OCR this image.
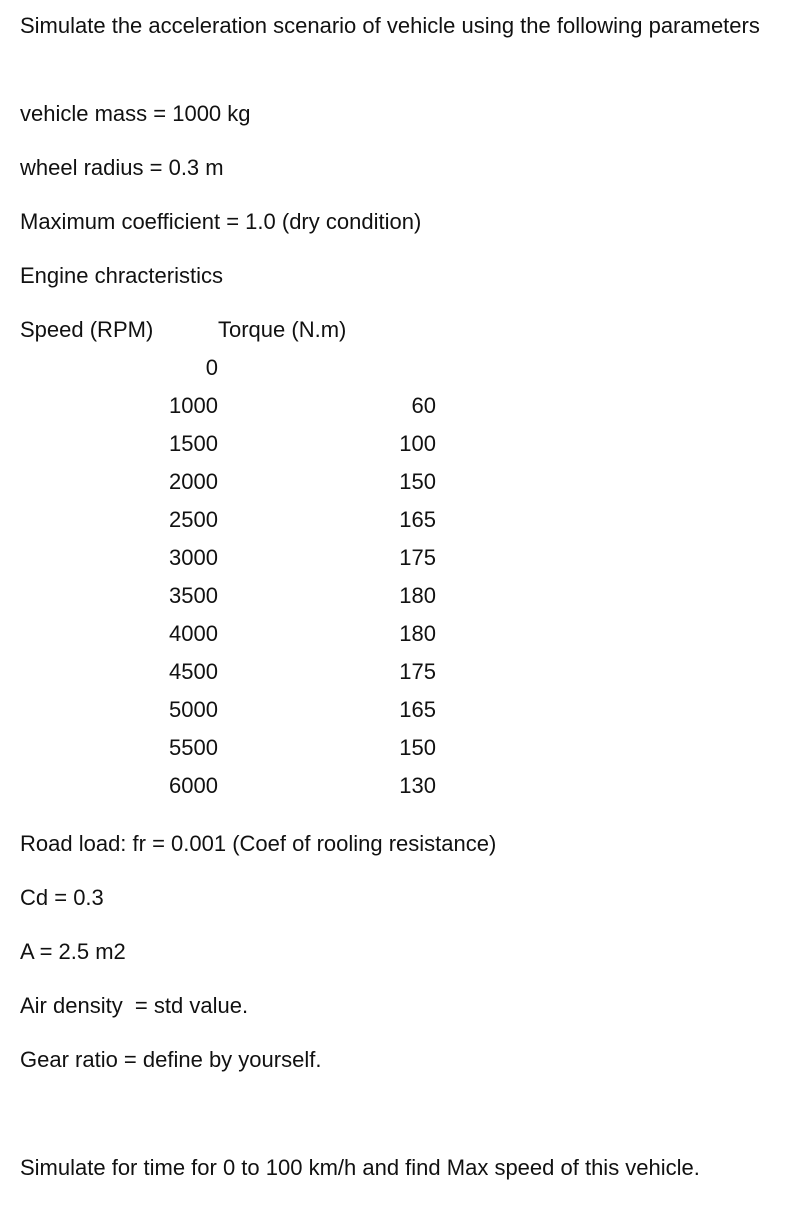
Simulate the acceleration scenario of vehicle using the following parameters
vehicle mass = 1000 kg
wheel radius = 0.3 m
Maximum coefficient = 1.0 (dry condition)
Engine chracteristics
Speed (RPM)	Torque (N.m)
0
1000	60
1500	100
2000	150
2500	165
3000	175
3500	180
4000	180
4500	175
5000	165
5500	150
6000	130
Road load: fr = 0.001 (Coef of rooling resistance)
Cd = 0.3
A = 2.5 m2
Air density  = std value.
Gear ratio = define by yourself.
Simulate for time for 0 to 100 km/h and find Max speed of this vehicle.
